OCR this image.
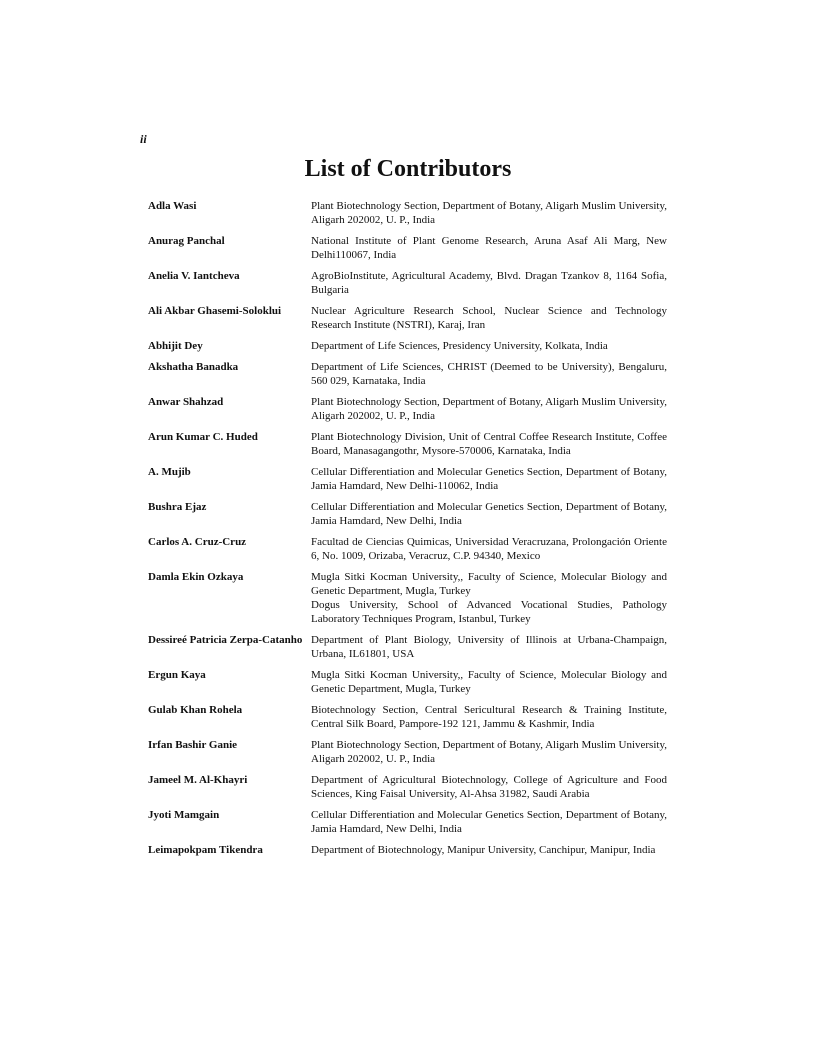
ii
List of Contributors
Adla Wasi	Plant Biotechnology Section, Department of Botany, Aligarh Muslim University, Aligarh 202002, U. P., India
Anurag Panchal	National Institute of Plant Genome Research, Aruna Asaf Ali Marg, New Delhi110067, India
Anelia V. Iantcheva	AgroBioInstitute, Agricultural Academy, Blvd. Dragan Tzankov 8, 1164 Sofia, Bulgaria
Ali Akbar Ghasemi-Soloklui	Nuclear Agriculture Research School, Nuclear Science and Technology Research Institute (NSTRI), Karaj, Iran
Abhijit Dey	Department of Life Sciences, Presidency University, Kolkata, India
Akshatha Banadka	Department of Life Sciences, CHRIST (Deemed to be University), Bengaluru, 560 029, Karnataka, India
Anwar Shahzad	Plant Biotechnology Section, Department of Botany, Aligarh Muslim University, Aligarh 202002, U. P., India
Arun Kumar C. Huded	Plant Biotechnology Division, Unit of Central Coffee Research Institute, Coffee Board, Manasagangothr, Mysore-570006, Karnataka, India
A. Mujib	Cellular Differentiation and Molecular Genetics Section, Department of Botany, Jamia Hamdard, New Delhi-110062, India
Bushra Ejaz	Cellular Differentiation and Molecular Genetics Section, Department of Botany, Jamia Hamdard, New Delhi, India
Carlos A. Cruz-Cruz	Facultad de Ciencias Quimicas, Universidad Veracruzana, Prolongación Oriente 6, No. 1009, Orizaba, Veracruz, C.P. 94340, Mexico
Damla Ekin Ozkaya	Mugla Sitki Kocman University,, Faculty of Science, Molecular Biology and Genetic Department, Mugla, Turkey
Dogus University, School of Advanced Vocational Studies, Pathology Laboratory Techniques Program, Istanbul, Turkey
Dessireé Patricia Zerpa-Catanho Department of Plant Biology, University of Illinois at Urbana-Champaign, Urbana, IL61801, USA
Ergun Kaya	Mugla Sitki Kocman University,, Faculty of Science, Molecular Biology and Genetic Department, Mugla, Turkey
Gulab Khan Rohela	Biotechnology Section, Central Sericultural Research & Training Institute, Central Silk Board, Pampore-192 121, Jammu & Kashmir, India
Irfan Bashir Ganie	Plant Biotechnology Section, Department of Botany, Aligarh Muslim University, Aligarh 202002, U. P., India
Jameel M. Al-Khayri	Department of Agricultural Biotechnology, College of Agriculture and Food Sciences, King Faisal University, Al-Ahsa 31982, Saudi Arabia
Jyoti Mamgain	Cellular Differentiation and Molecular Genetics Section, Department of Botany, Jamia Hamdard, New Delhi, India
Leimapokpam Tikendra	Department of Biotechnology, Manipur University, Canchipur, Manipur, India
